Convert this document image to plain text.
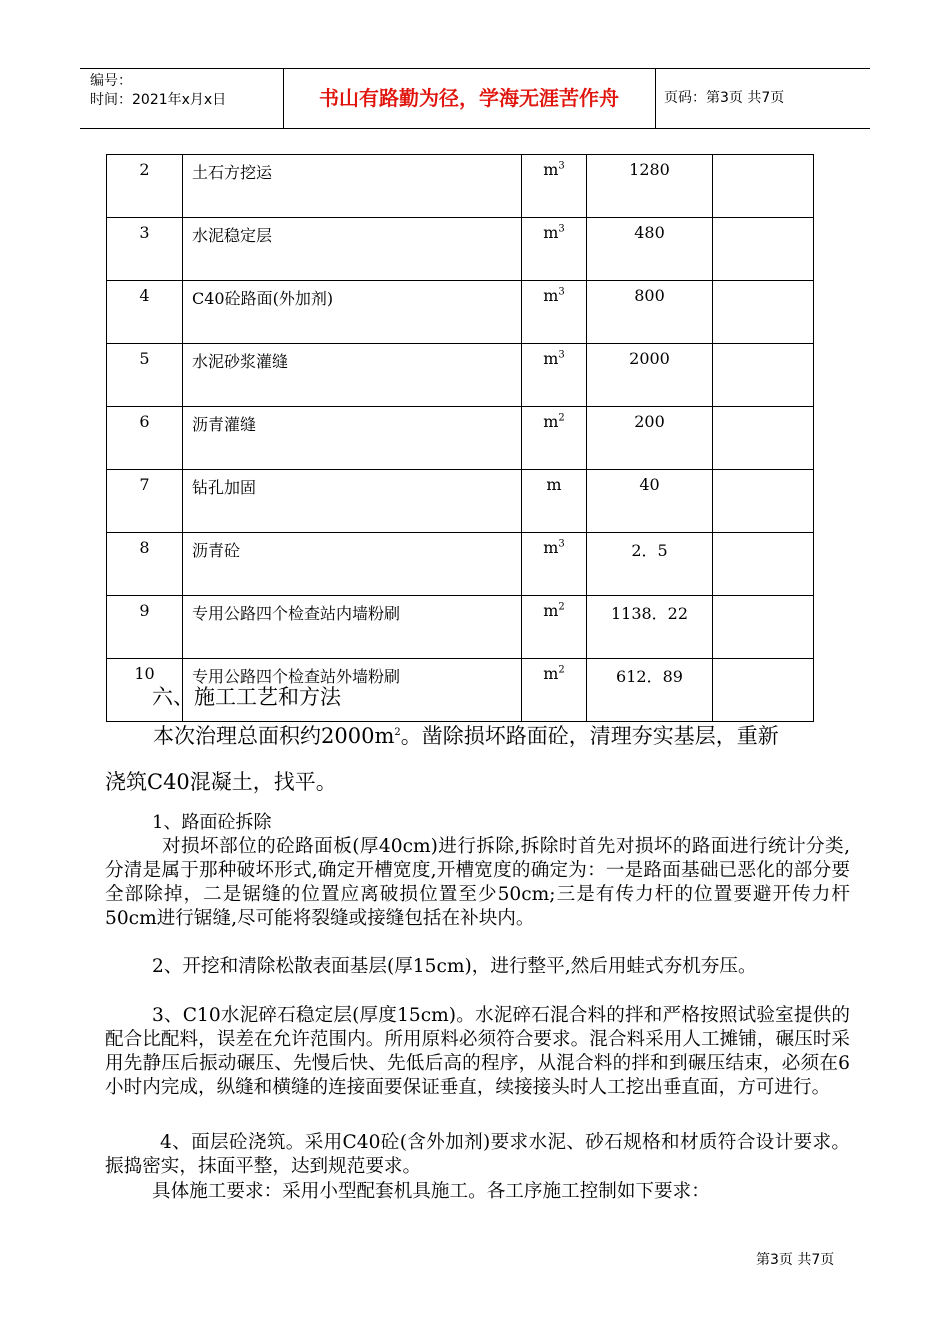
编号：
时间：2021年x月x日	书山有路勤为径，学海无涯苦作舟	页码：第3页 共7页
2	土石方挖运	$m^3$	1280	
3	水泥稳定层	$m^3$	480	
4	C40砼路面(外加剂)	$m^3$	800	
5	水泥砂浆灌缝	$m^3$	2000	
6	沥青灌缝	$m^2$	200	
7	钻孔加固	m	40	
8	沥青砼	$m^3$	2．5	
9	专用公路四个检查站内墙粉刷	$m^2$	1138．22	
10	专用公路四个检查站外墙粉刷	$m^2$	612．89	
六、施工工艺和方法
本次治理总面积约$2000m^2$。凿除损坏路面砼，清理夯实基层，重新
浇筑C40混凝土，找平。
1、路面砼拆除
对损坏部位的砼路面板(厚40cm)进行拆除,拆除时首先对损坏的路面进行统计分类,分清是属于那种破坏形式,确定开槽宽度,开槽宽度的确定为：一是路面基础已恶化的部分要全部除掉，二是锯缝的位置应离破损位置至少50cm;三是有传力杆的位置要避开传力杆50cm进行锯缝,尽可能将裂缝或接缝包括在补块内。
2、开挖和清除松散表面基层(厚15cm)，进行整平,然后用蛙式夯机夯压。
3、C10水泥碎石稳定层(厚度15cm)。水泥碎石混合料的拌和严格按照试验室提供的配合比配料，误差在允许范围内。所用原料必须符合要求。混合料采用人工摊铺，碾压时采用先静压后振动碾压、先慢后快、先低后高的程序，从混合料的拌和到碾压结束，必须在6小时内完成，纵缝和横缝的连接面要保证垂直，续接接头时人工挖出垂直面，方可进行。
4、面层砼浇筑。采用C40砼(含外加剂)要求水泥、砂石规格和材质符合设计要求。振捣密实，抹面平整，达到规范要求。
具体施工要求：采用小型配套机具施工。各工序施工控制如下要求：
第3页 共7页
